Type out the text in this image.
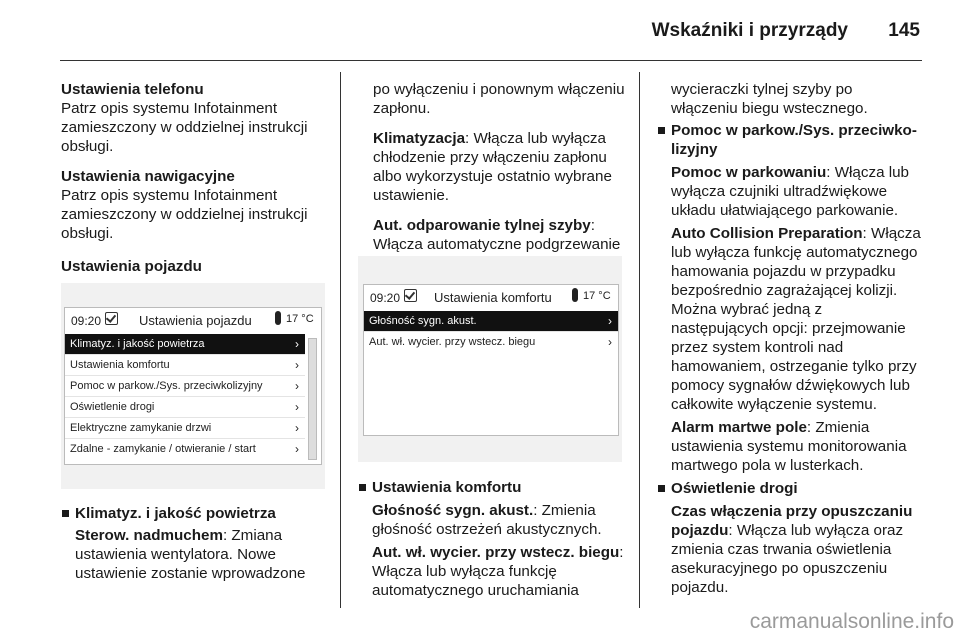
Wskaźniki i przyrządy 145

Ustawienia telefonu
Patrz opis systemu Infotainment zamieszczony w oddzielnej instrukcji obsługi.

Ustawienia nawigacyjne
Patrz opis systemu Infotainment zamieszczony w oddzielnej instrukcji obsługi.

Ustawienia pojazdu

09:20	Ustawienia pojazdu	17 °C
Klimatyz. i jakość powietrza	›
Ustawienia komfortu	›
Pomoc w parkow./Sys. przeciwkolizyjny	›
Oświetlenie drogi	›
Elektryczne zamykanie drzwi	›
Zdalne - zamykanie / otwieranie / start	›
Klimatyz. i jakość powietrza
Sterow. nadmuchem: Zmiana ustawienia wentylatora. Nowe ustawienie zostanie wprowadzone

po wyłączeniu i ponownym włączeniu zapłonu.

Klimatyzacja: Włącza lub wyłącza chłodzenie przy włączeniu zapłonu albo wykorzystuje ostatnio wybrane ustawienie.

Aut. odparowanie tylnej szyby: Włącza automatyczne podgrzewanie

09:20	Ustawienia komfortu	17 °C
Głośność sygn. akust.	›
Aut. wł. wycier. przy wstecz. biegu	›
Ustawienia komfortu

Głośność sygn. akust.: Zmienia głośność ostrzeżeń akustycznych.

Aut. wł. wycier. przy wstecz. biegu: Włącza lub wyłącza funkcję automatycznego uruchamiania

wycieraczki tylnej szyby po włączeniu biegu wstecznego.

Pomoc w parkow./Sys. przeciwko-lizyjny

Pomoc w parkowaniu: Włącza lub wyłącza czujniki ultradźwiękowe układu ułatwiającego parkowanie.

Auto Collision Preparation: Włącza lub wyłącza funkcję automatycznego hamowania pojazdu w przypadku bezpośrednio zagrażającej kolizji. Można wybrać jedną z następujących opcji: przejmowanie przez system kontroli nad hamowaniem, ostrzeganie tylko przy pomocy sygnałów dźwiękowych lub całkowite wyłączenie systemu.

Alarm martwe pole: Zmienia ustawienia systemu monitorowania martwego pola w lusterkach.

Oświetlenie drogi

Czas włączenia przy opuszczaniu pojazdu: Włącza lub wyłącza oraz zmienia czas trwania oświetlenia asekuracyjnego po opuszczeniu pojazdu.

carmanualsonline.info
